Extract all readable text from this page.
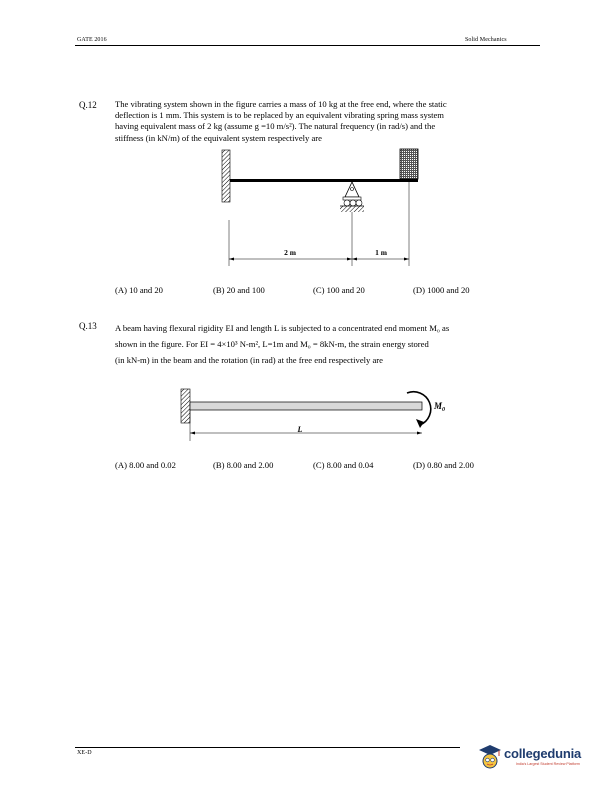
GATE 2016	Solid Mechanics
Q.12 The vibrating system shown in the figure carries a mass of 10 kg at the free end, where the static
deflection is 1 mm. This system is to be replaced by an equivalent vibrating spring mass system
having equivalent mass of 2 kg (assume g =10 m/s²). The natural frequency (in rad/s) and the
stiffness (in kN/m) of the equivalent system respectively are
2 m	1 m
(A) 10 and 20	(B) 20 and 100	(C) 100 and 20	(D) 1000 and 20
Q.13 A beam having flexural rigidity EI and length L is subjected to a concentrated end moment M₀ as
shown in the figure. For EI = 4×10³ N-m², L=1m and M₀ = 8kN-m, the strain energy stored
(in kN-m) in the beam and the rotation (in rad) at the free end respectively are
$M_0$
L
(A) 8.00 and 0.02	(B) 8.00 and 2.00	(C) 8.00 and 0.04	(D) 0.80 and 2.00
XE-D	collegedunia
India's Largest Student Review Platform
